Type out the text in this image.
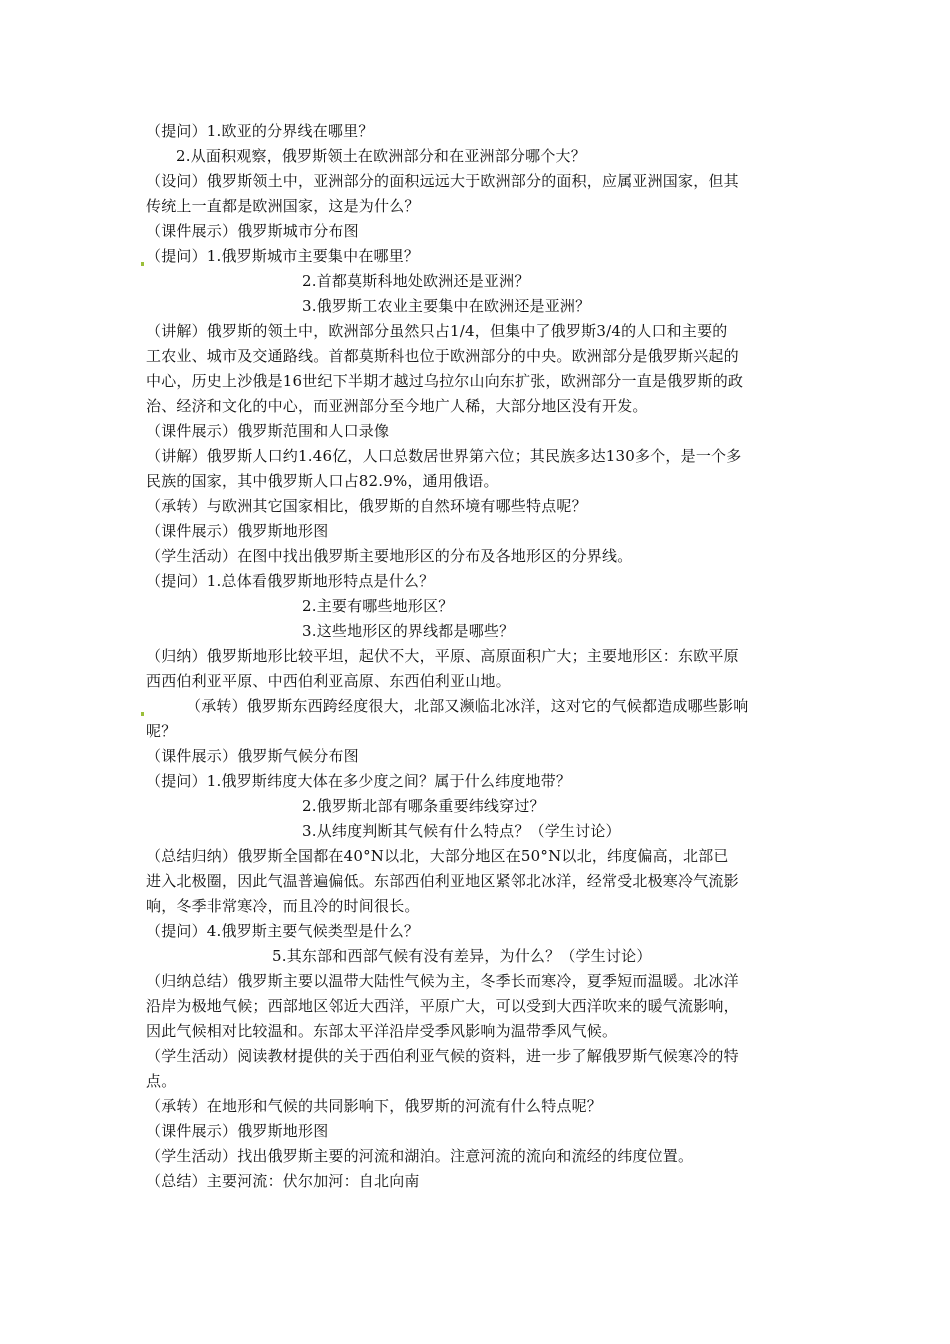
（提问）1.欧亚的分界线在哪里？
2.从面积观察，俄罗斯领土在欧洲部分和在亚洲部分哪个大？
（设问）俄罗斯领土中，亚洲部分的面积远远大于欧洲部分的面积，应属亚洲国家，但其
传统上一直都是欧洲国家，这是为什么？
（课件展示）俄罗斯城市分布图
（提问）1.俄罗斯城市主要集中在哪里？
2.首都莫斯科地处欧洲还是亚洲？
3.俄罗斯工农业主要集中在欧洲还是亚洲？
（讲解）俄罗斯的领土中，欧洲部分虽然只占1/4，但集中了俄罗斯3/4的人口和主要的
工农业、城市及交通路线。首都莫斯科也位于欧洲部分的中央。欧洲部分是俄罗斯兴起的
中心，历史上沙俄是16世纪下半期才越过乌拉尔山向东扩张，欧洲部分一直是俄罗斯的政
治、经济和文化的中心，而亚洲部分至今地广人稀，大部分地区没有开发。
（课件展示）俄罗斯范围和人口录像
（讲解）俄罗斯人口约1.46亿，人口总数居世界第六位；其民族多达130多个，是一个多
民族的国家，其中俄罗斯人口占82.9%，通用俄语。
（承转）与欧洲其它国家相比，俄罗斯的自然环境有哪些特点呢？
（课件展示）俄罗斯地形图
（学生活动）在图中找出俄罗斯主要地形区的分布及各地形区的分界线。
（提问）1.总体看俄罗斯地形特点是什么？
2.主要有哪些地形区？
3.这些地形区的界线都是哪些？
（归纳）俄罗斯地形比较平坦，起伏不大，平原、高原面积广大；主要地形区：东欧平原
西西伯利亚平原、中西伯利亚高原、东西伯利亚山地。
（承转）俄罗斯东西跨经度很大，北部又濒临北冰洋，这对它的气候都造成哪些影响
呢？
（课件展示）俄罗斯气候分布图
（提问）1.俄罗斯纬度大体在多少度之间？属于什么纬度地带？
2.俄罗斯北部有哪条重要纬线穿过？
3.从纬度判断其气候有什么特点？（学生讨论）
（总结归纳）俄罗斯全国都在40°N以北，大部分地区在50°N以北，纬度偏高，北部已
进入北极圈，因此气温普遍偏低。东部西伯利亚地区紧邻北冰洋，经常受北极寒冷气流影
响，冬季非常寒冷，而且冷的时间很长。
（提问）4.俄罗斯主要气候类型是什么？
5.其东部和西部气候有没有差异，为什么？（学生讨论）
（归纳总结）俄罗斯主要以温带大陆性气候为主，冬季长而寒冷，夏季短而温暖。北冰洋
沿岸为极地气候；西部地区邻近大西洋，平原广大，可以受到大西洋吹来的暖气流影响，
因此气候相对比较温和。东部太平洋沿岸受季风影响为温带季风气候。
（学生活动）阅读教材提供的关于西伯利亚气候的资料，进一步了解俄罗斯气候寒冷的特
点。
（承转）在地形和气候的共同影响下，俄罗斯的河流有什么特点呢？
（课件展示）俄罗斯地形图
（学生活动）找出俄罗斯主要的河流和湖泊。注意河流的流向和流经的纬度位置。
（总结）主要河流：伏尔加河：自北向南
